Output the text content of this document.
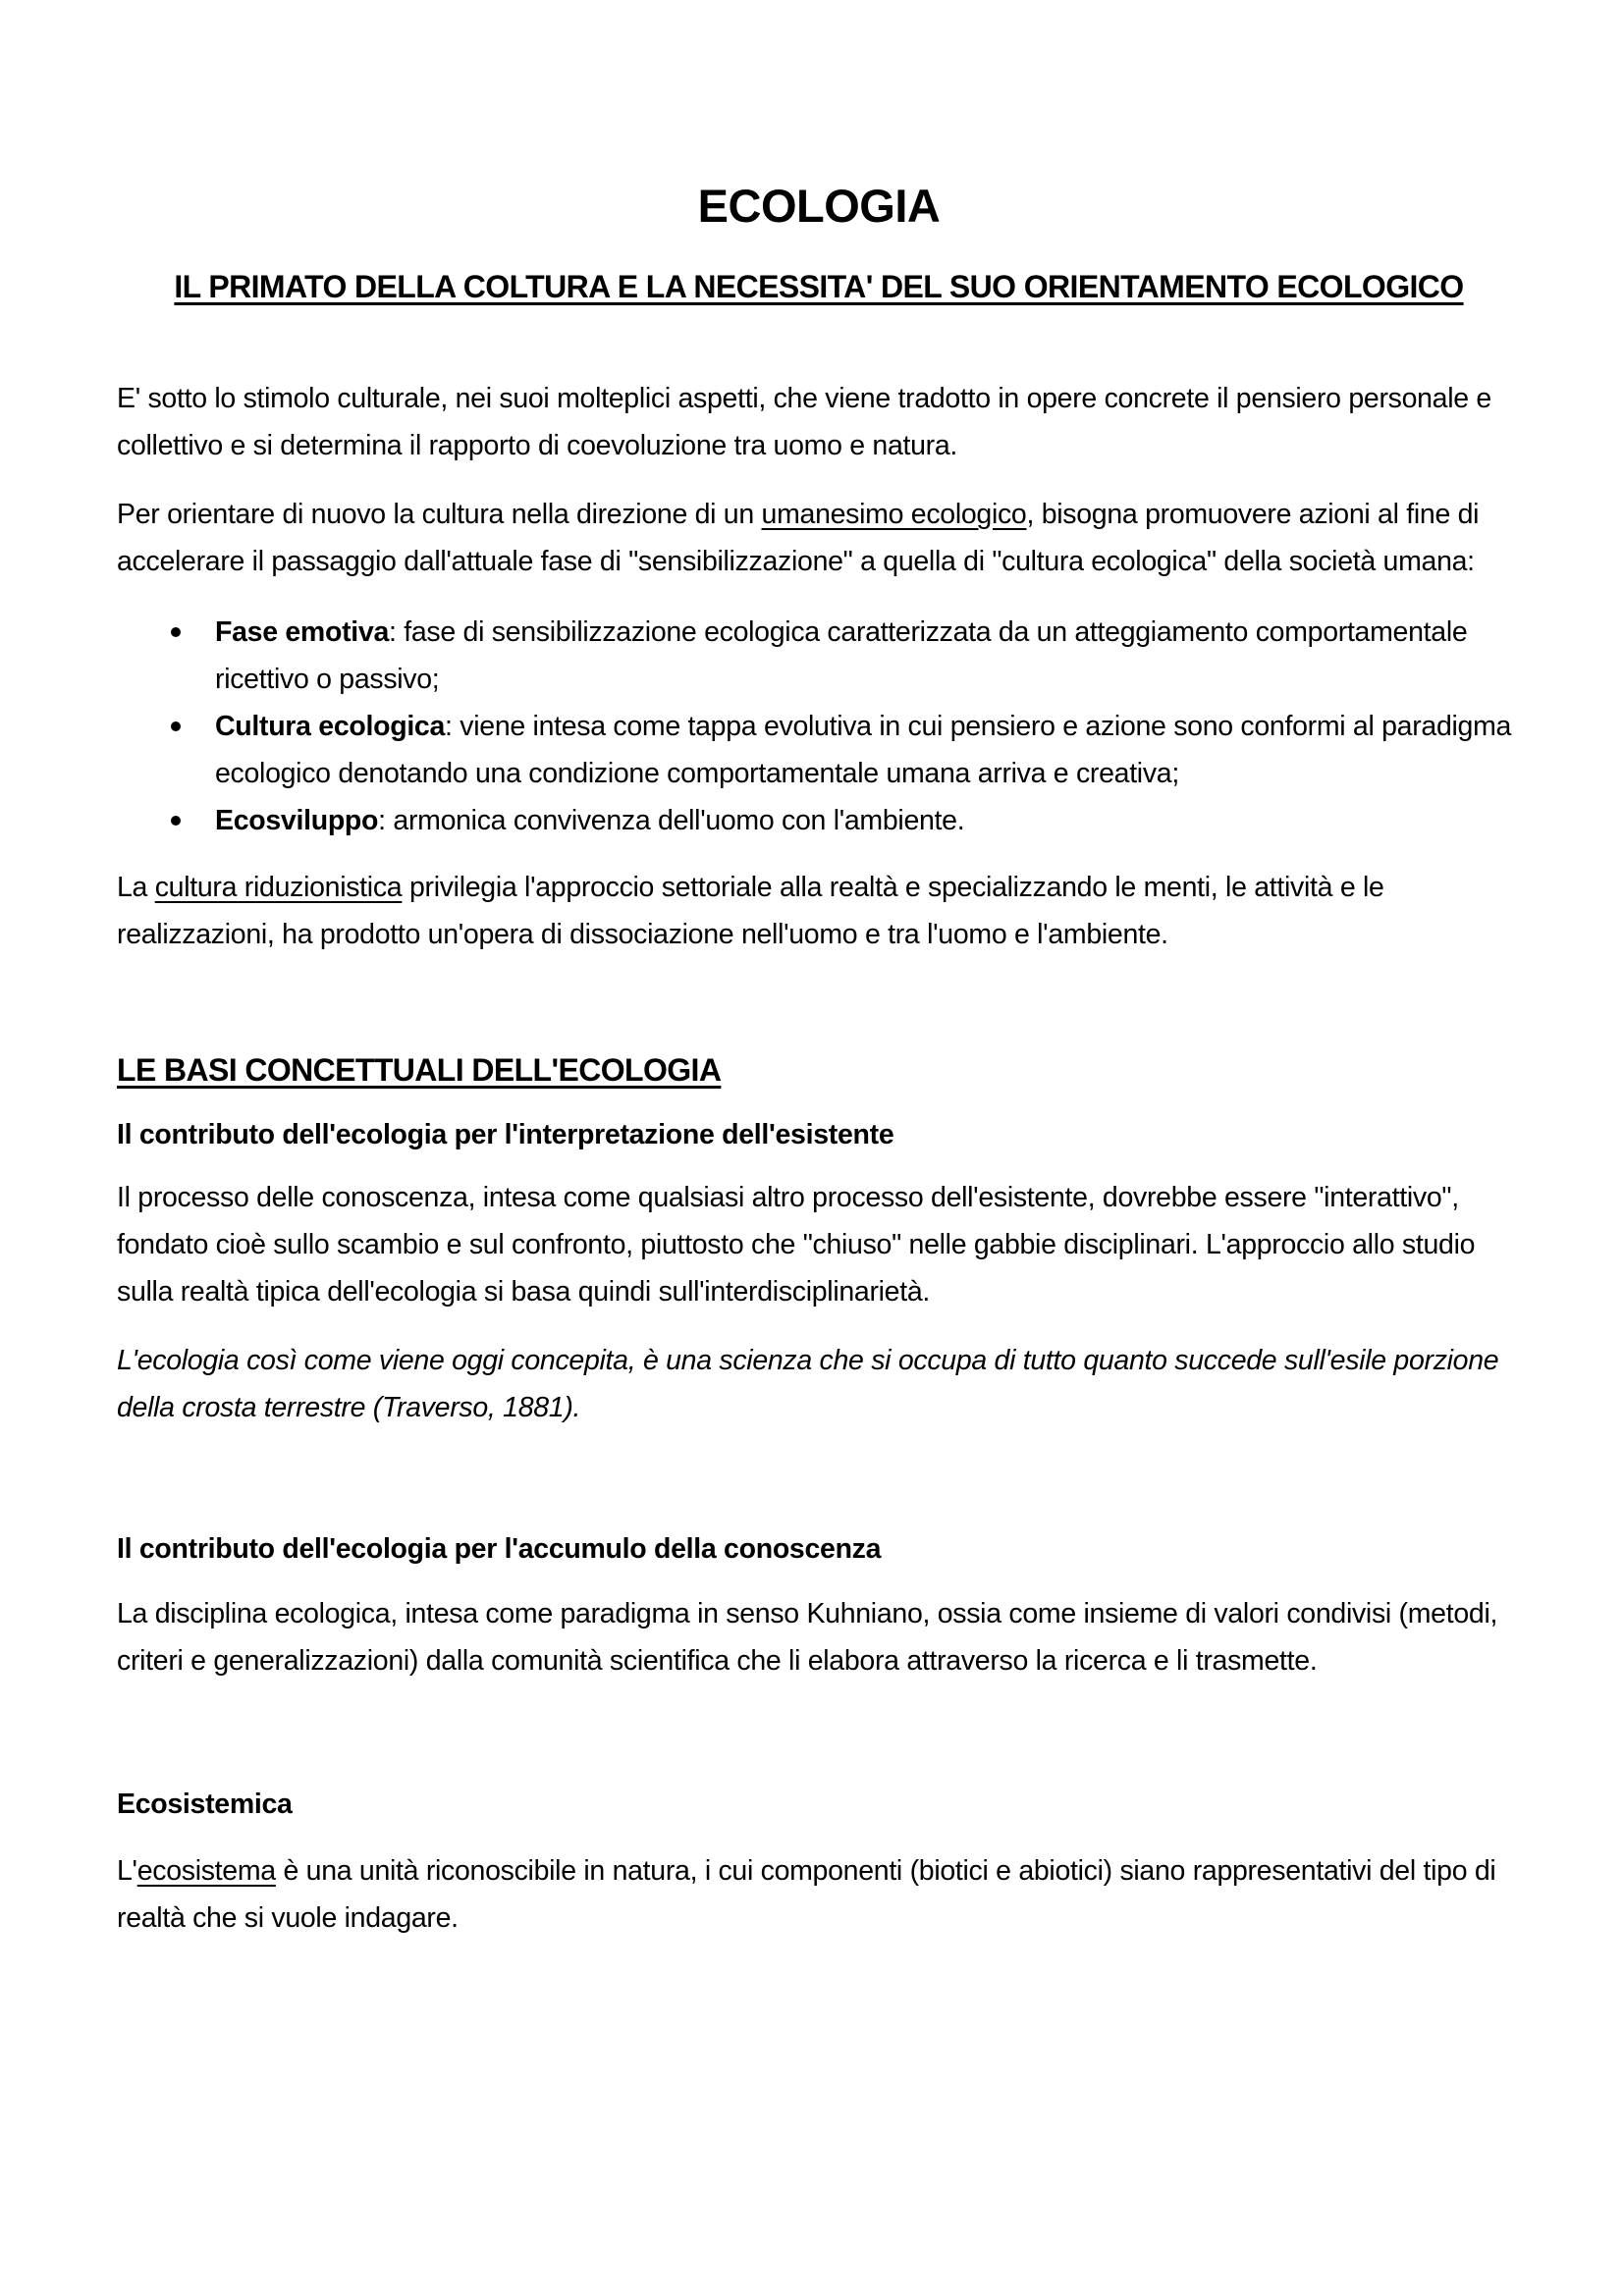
ECOLOGIA
IL PRIMATO DELLA COLTURA E LA NECESSITA' DEL SUO ORIENTAMENTO ECOLOGICO

E' sotto lo stimolo culturale, nei suoi molteplici aspetti, che viene tradotto in opere concrete il pensiero personale e collettivo e si determina il rapporto di coevoluzione tra uomo e natura.

Per orientare di nuovo la cultura nella direzione di un umanesimo ecologico, bisogna promuovere azioni al fine di accelerare il passaggio dall'attuale fase di "sensibilizzazione" a quella di "cultura ecologica" della società umana:

Fase emotiva: fase di sensibilizzazione ecologica caratterizzata da un atteggiamento comportamentale ricettivo o passivo;
Cultura ecologica: viene intesa come tappa evolutiva in cui pensiero e azione sono conformi al paradigma ecologico denotando una condizione comportamentale umana arriva e creativa;
Ecosviluppo: armonica convivenza dell'uomo con l'ambiente.

La cultura riduzionistica privilegia l'approccio settoriale alla realtà e specializzando le menti, le attività e le realizzazioni, ha prodotto un'opera di dissociazione nell'uomo e tra l'uomo e l'ambiente.

LE BASI CONCETTUALI DELL'ECOLOGIA
Il contributo dell'ecologia per l'interpretazione dell'esistente

Il processo delle conoscenza, intesa come qualsiasi altro processo dell'esistente, dovrebbe essere "interattivo", fondato cioè sullo scambio e sul confronto, piuttosto che "chiuso" nelle gabbie disciplinari. L'approccio allo studio sulla realtà tipica dell'ecologia si basa quindi sull'interdisciplinarietà.

L'ecologia così come viene oggi concepita, è una scienza che si occupa di tutto quanto succede sull'esile porzione della crosta terrestre (Traverso, 1881).

Il contributo dell'ecologia per l'accumulo della conoscenza

La disciplina ecologica, intesa come paradigma in senso Kuhniano, ossia come insieme di valori condivisi (metodi, criteri e generalizzazioni) dalla comunità scientifica che li elabora attraverso la ricerca e li trasmette.

Ecosistemica

L'ecosistema è una unità riconoscibile in natura, i cui componenti (biotici e abiotici) siano rappresentativi del tipo di realtà che si vuole indagare.
